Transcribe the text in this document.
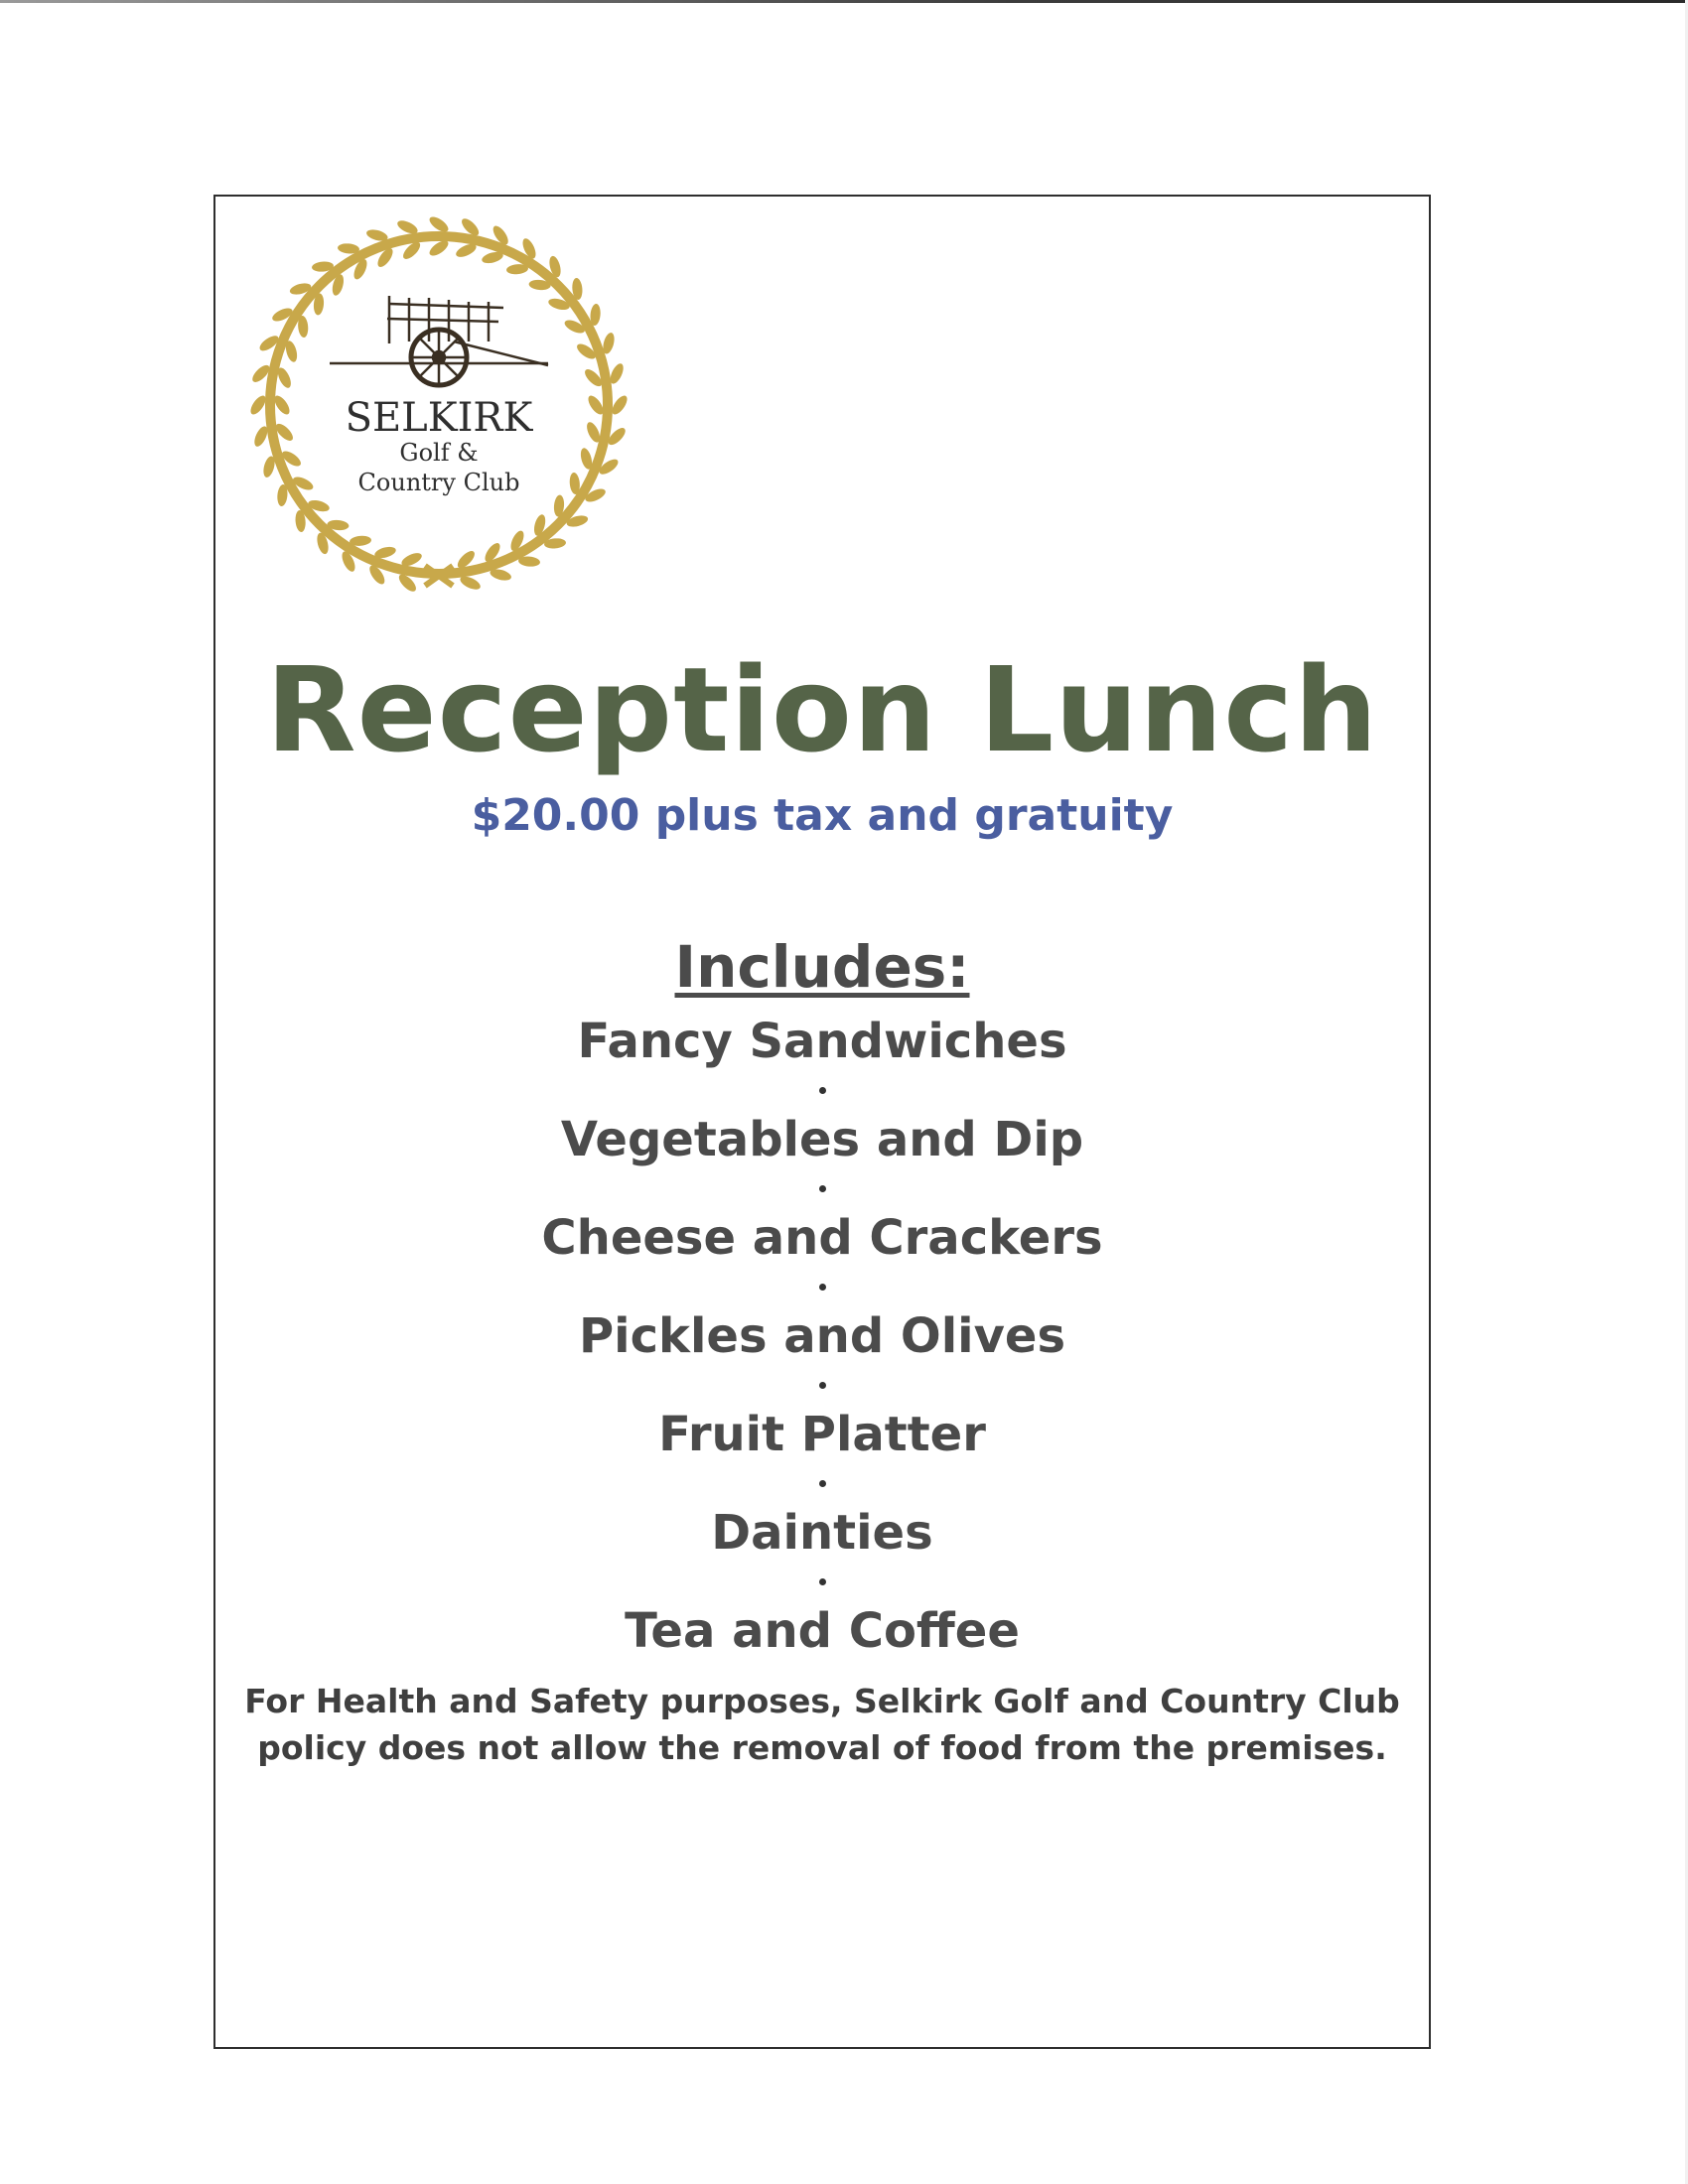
SELKIRK
Golf &
Country Club
Reception Lunch
$20.00 plus tax and gratuity
Includes:
Fancy Sandwiches
Vegetables and Dip
Cheese and Crackers
Pickles and Olives
Fruit Platter
Dainties
Tea and Coffee
For Health and Safety purposes, Selkirk Golf and Country Club
policy does not allow the removal of food from the premises.
